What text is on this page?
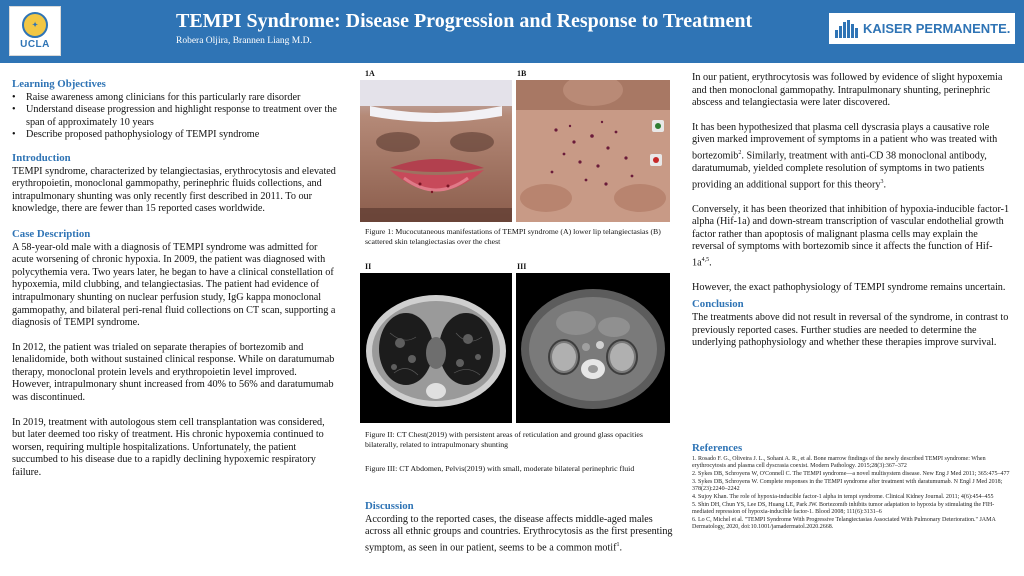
✦
UCLA
TEMPI Syndrome: Disease Progression and Response to Treatment
Robera Oljira, Brannen Liang M.D.
KAISER PERMANENTE.
Learning Objectives
• Raise awareness among clinicians for this particularly rare disorder
• Understand disease progression and highlight response to treatment over the span of approximately 10 years
• Describe proposed pathophysiology of TEMPI syndrome
Introduction
TEMPI syndrome, characterized by telangiectasias, erythrocytosis and elevated erythropoietin, monoclonal gammopathy, perinephric fluids collections, and intrapulmonary shunting was only recently first described in 2011. To our knowledge, there are fewer than 15 reported cases worldwide.
Case Description
A 58-year-old male with a diagnosis of TEMPI syndrome was admitted for acute worsening of chronic hypoxia. In 2009, the patient was diagnosed with polycythemia vera. Two years later, he began to have a clinical constellation of hypoxemia, mild clubbing, and telangiectasias. The patient had evidence of intrapulmonary shunting on nuclear perfusion study, IgG kappa monoclonal gammopathy, and bilateral peri-renal fluid collections on CT scan, supporting a diagnosis of TEMPI syndrome.
In 2012, the patient was trialed on separate therapies of bortezomib and lenalidomide, both without sustained clinical response. While on daratumumab therapy, monoclonal protein levels and erythropoietin level improved. However, intrapulmonary shunt increased from 40% to 56% and daratumumab was discontinued.
In 2019, treatment with autologous stem cell transplantation was considered, but later deemed too risky of treatment. His chronic hypoxemia continued to worsen, requiring multiple hospitalizations. Unfortunately, the patient succumbed to his disease due to a rapidly declining hypoxemic respiratory failure.
1A	1B
Figure 1: Mucocutaneous manifestations of TEMPI syndrome (A) lower lip telangiectasias (B) scattered skin telangiectasias over the chest
II	III
Figure II: CT Chest(2019) with persistent areas of reticulation and ground glass opacities bilaterally, related to intrapulmonary shunting
Figure III: CT Abdomen, Pelvis(2019) with small, moderate bilateral perinephric fluid
Discussion
According to the reported cases, the disease affects middle-aged males across all ethnic groups and countries. Erythrocytosis as the first presenting symptom, as seen in our patient, seems to be a common motif$^1$.
In our patient, erythrocytosis was followed by evidence of slight hypoxemia and then monoclonal gammopathy. Intrapulmonary shunting, perinephric abscess and telangiectasia were later discovered.
It has been hypothesized that plasma cell dyscrasia plays a causative role given marked improvement of symptoms in a patient who was treated with bortezomib$^2$. Similarly, treatment with anti-CD 38 monoclonal antibody, daratumumab, yielded complete resolution of symptoms in two patients providing an additional support for this theory$^3$.
Conversely, it has been theorized that inhibition of hypoxia-inducible factor-1 alpha (Hif-1a) and down-stream transcription of vascular endothelial growth factor rather than apoptosis of malignant plasma cells may explain the reversal of symptoms with bortezomib since it affects the function of Hif-$1a^{4,5}$.
However, the exact pathophysiology of TEMPI syndrome remains uncertain.
Conclusion
The treatments above did not result in reversal of the syndrome, in contrast to previously reported cases. Further studies are needed to determine the underlying pathophysiology and whether these therapies improve survival.
References
1. Rosado F. G., Oliveira J. L., Sohani A. R., et al. Bone marrow findings of the newly described TEMPI syndrome: When erythrocytosis and plasma cell dyscrasia coexist. Modern Pathology. 2015;28(3):367–372
2. Sykes DB, Schroyens W, O'Connell C. The TEMPI syndrome—a novel multisystem disease. New Eng J Med 2011; 365:475–477
3. Sykes DB, Schroyens W. Complete responses in the TEMPI syndrome after treatment with daratumumab. N Engl J Med 2018; 378(23):2240–2242
4. Sujoy Khan. The role of hypoxia-inducible factor-1 alpha in tempi syndrome. Clinical Kidney Journal. 2011; 4(6):454–455
5. Shin DH, Chun YS, Lee DS, Huang LE, Park JW. Bortezomib inhibits tumor adaptation to hypoxia by stimulating the FIH-mediated repression of hypoxia-inducible factor-1. Blood 2008; 111(6):3131–6
6. Lo C, Michel et al. "TEMPI Syndrome With Progressive Telangiectasias Associated With Pulmonary Deterioration." JAMA Dermatology, 2020, doi:10.1001/jamadermatol.2020.2668.
